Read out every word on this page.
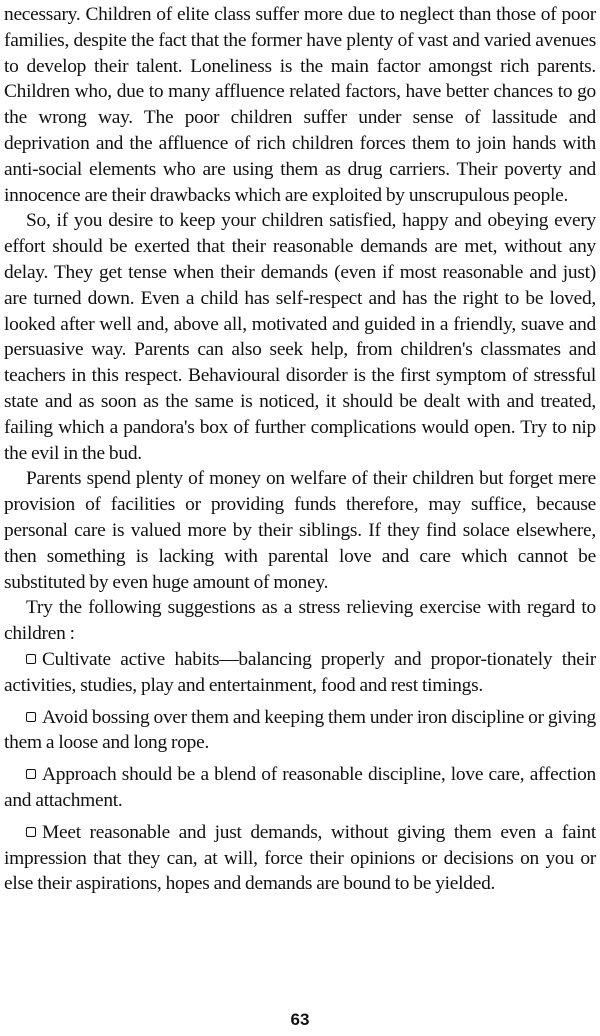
necessary. Children of elite class suffer more due to neglect than those of poor families, despite the fact that the former have plenty of vast and varied avenues to develop their talent. Loneliness is the main factor amongst rich parents. Children who, due to many affluence related factors, have better chances to go the wrong way. The poor children suffer under sense of lassitude and deprivation and the affluence of rich children forces them to join hands with anti-social elements who are using them as drug carriers. Their poverty and innocence are their drawbacks which are exploited by unscrupulous people.

So, if you desire to keep your children satisfied, happy and obeying every effort should be exerted that their reasonable demands are met, without any delay. They get tense when their demands (even if most reasonable and just) are turned down. Even a child has self-respect and has the right to be loved, looked after well and, above all, motivated and guided in a friendly, suave and persuasive way. Parents can also seek help, from children's classmates and teachers in this respect. Behavioural disorder is the first symptom of stressful state and as soon as the same is noticed, it should be dealt with and treated, failing which a pandora's box of further complications would open. Try to nip the evil in the bud.

Parents spend plenty of money on welfare of their children but forget mere provision of facilities or providing funds therefore, may suffice, because personal care is valued more by their siblings. If they find solace elsewhere, then something is lacking with parental love and care which cannot be substituted by even huge amount of money.

Try the following suggestions as a stress relieving exercise with regard to children :

Cultivate active habits—balancing properly and propor-tionately their activities, studies, play and entertainment, food and rest timings.

Avoid bossing over them and keeping them under iron discipline or giving them a loose and long rope.

Approach should be a blend of reasonable discipline, love care, affection and attachment.

Meet reasonable and just demands, without giving them even a faint impression that they can, at will, force their opinions or decisions on you or else their aspirations, hopes and demands are bound to be yielded.

63
